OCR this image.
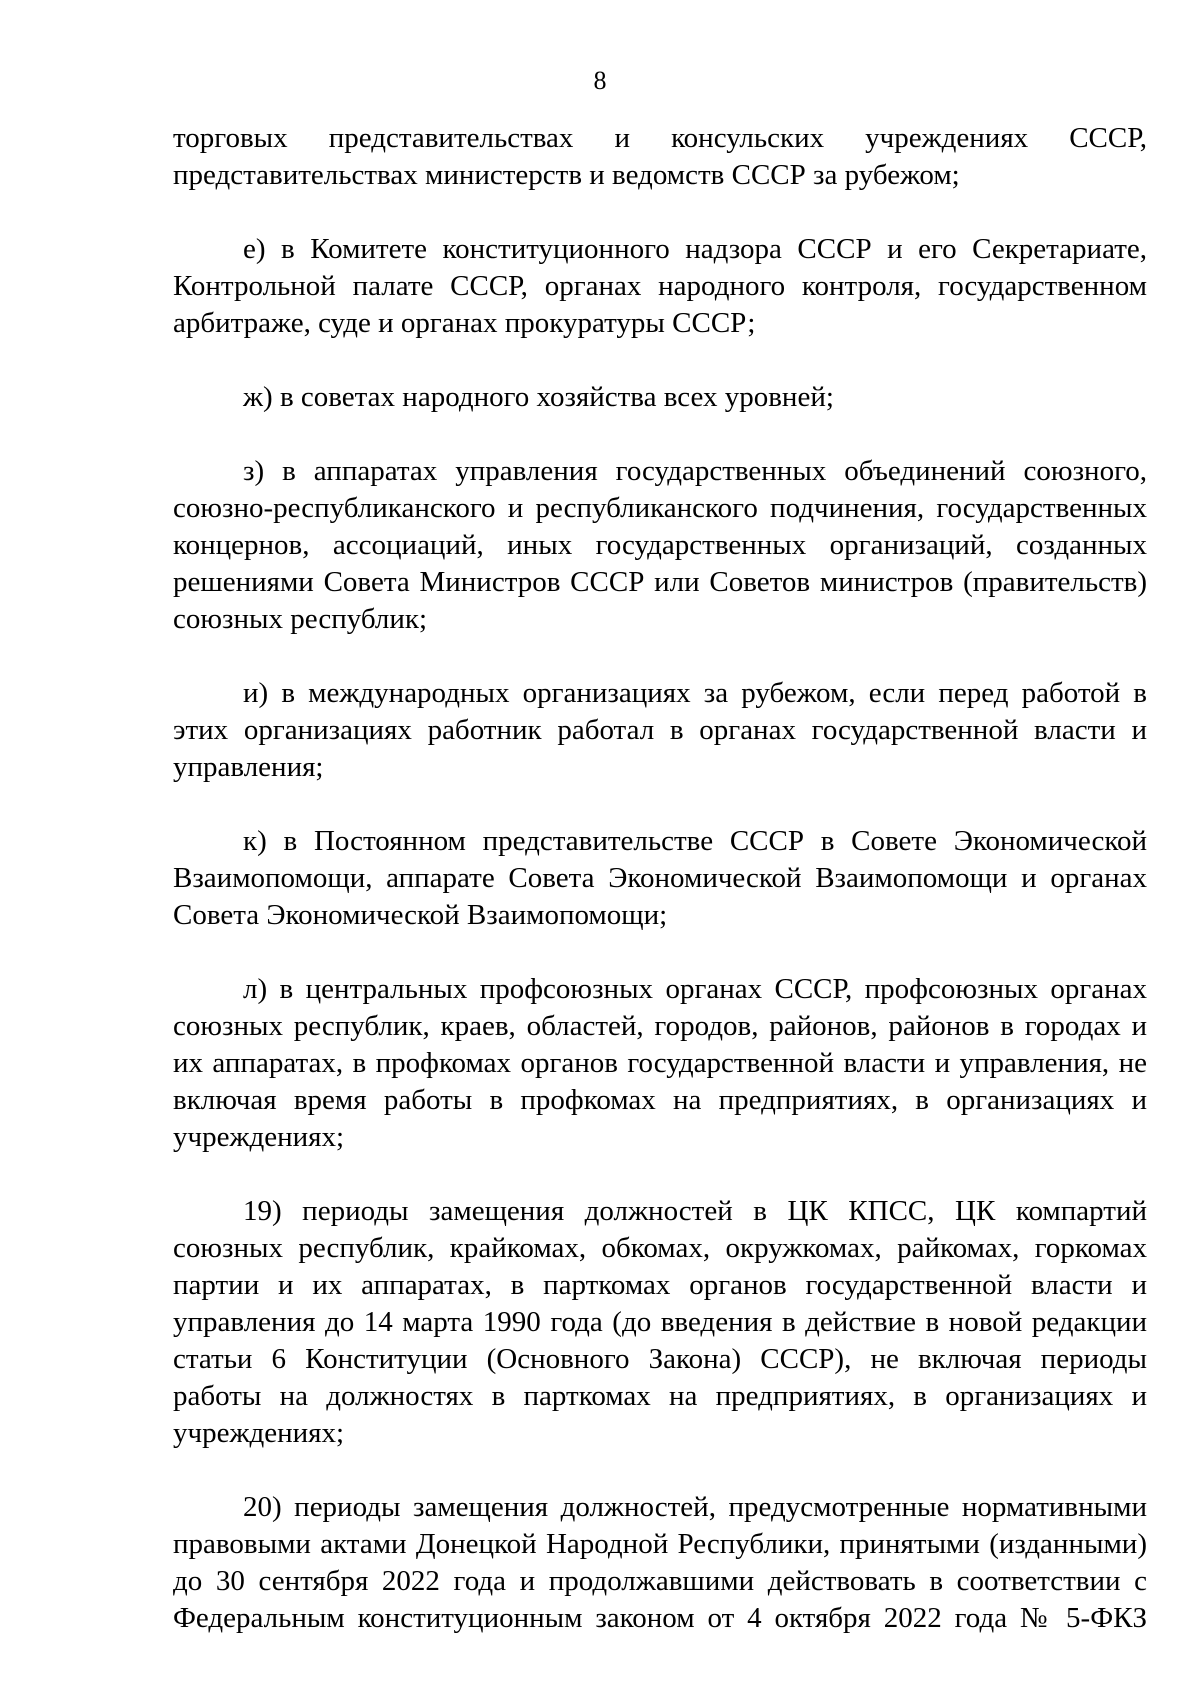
8

торговых представительствах и консульских учреждениях СССР, представительствах министерств и ведомств СССР за рубежом;

е) в Комитете конституционного надзора СССР и его Секретариате, Контрольной палате СССР, органах народного контроля, государственном арбитраже, суде и органах прокуратуры СССР;

ж) в советах народного хозяйства всех уровней;

з) в аппаратах управления государственных объединений союзного, союзно-республиканского и республиканского подчинения, государственных концернов, ассоциаций, иных государственных организаций, созданных решениями Совета Министров СССР или Советов министров (правительств) союзных республик;

и) в международных организациях за рубежом, если перед работой в этих организациях работник работал в органах государственной власти и управления;

к) в Постоянном представительстве СССР в Совете Экономической Взаимопомощи, аппарате Совета Экономической Взаимопомощи и органах Совета Экономической Взаимопомощи;

л) в центральных профсоюзных органах СССР, профсоюзных органах союзных республик, краев, областей, городов, районов, районов в городах и их аппаратах, в профкомах органов государственной власти и управления, не включая время работы в профкомах на предприятиях, в организациях и учреждениях;

19) периоды замещения должностей в ЦК КПСС, ЦК компартий союзных республик, крайкомах, обкомах, окружкомах, райкомах, горкомах партии и их аппаратах, в парткомах органов государственной власти и управления до 14 марта 1990 года (до введения в действие в новой редакции статьи 6 Конституции (Основного Закона) СССР), не включая периоды работы на должностях в парткомах на предприятиях, в организациях и учреждениях;

20) периоды замещения должностей, предусмотренные нормативными правовыми актами Донецкой Народной Республики, принятыми (изданными) до 30 сентября 2022 года и продолжавшими действовать в соответствии с Федеральным конституционным законом от 4 октября 2022 года № 5-ФКЗ
